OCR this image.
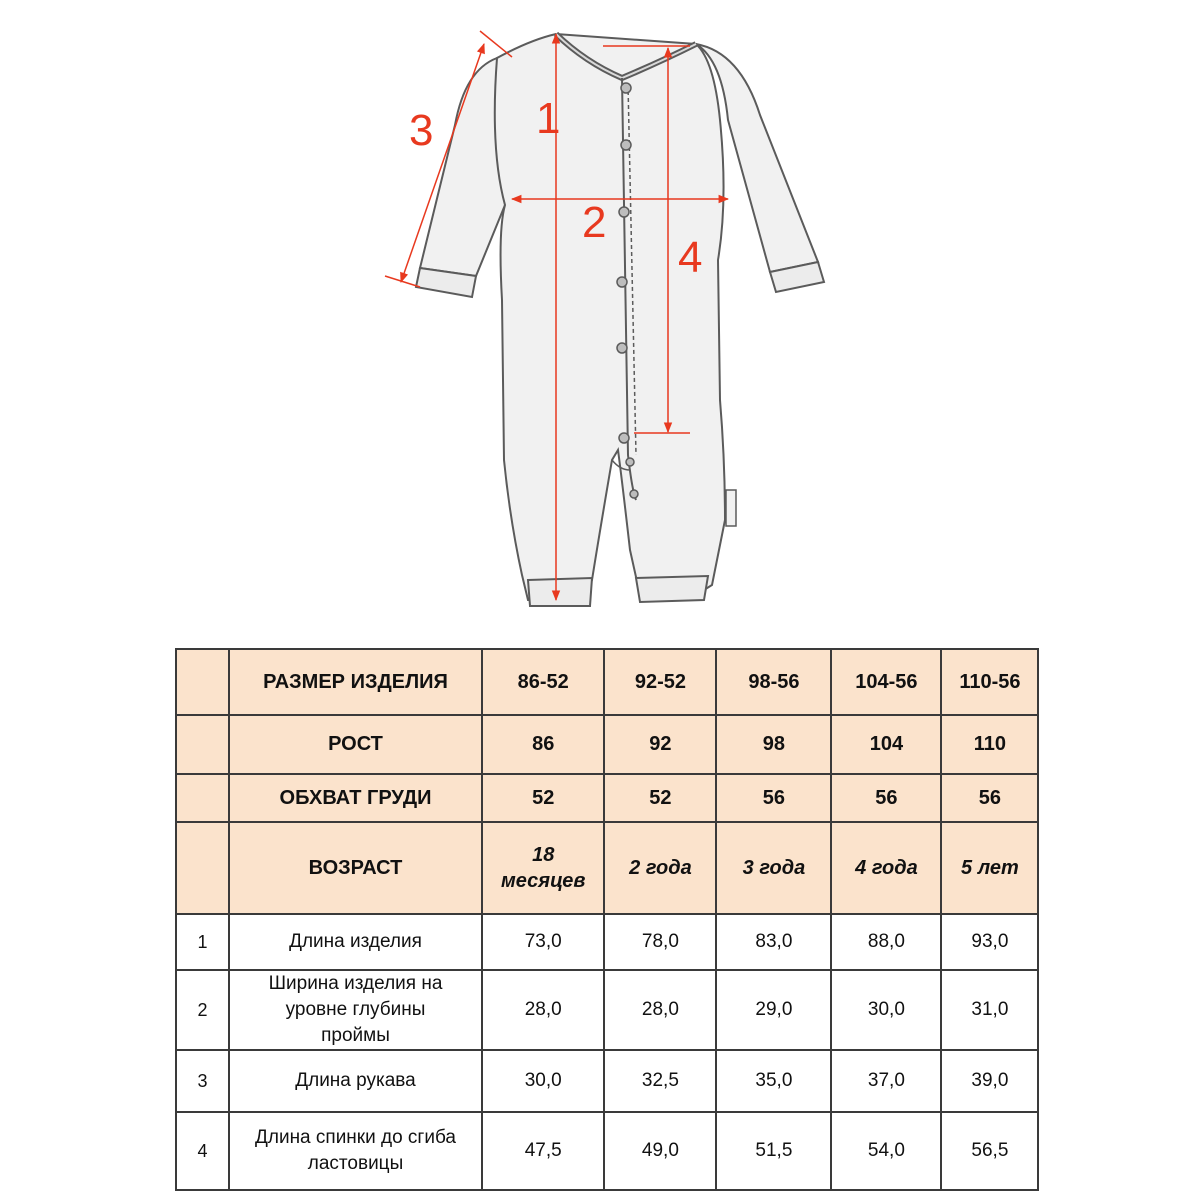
1
2
3
4
	РАЗМЕР ИЗДЕЛИЯ	86-52	92-52	98-56	104-56	110-56
	РОСТ	86	92	98	104	110
	ОБХВАТ ГРУДИ	52	52	56	56	56
	ВОЗРАСТ	18 месяцев	2 года	3 года	4 года	5 лет
1	Длина изделия	73,0	78,0	83,0	88,0	93,0
2	Ширина изделия на уровне глубины проймы	28,0	28,0	29,0	30,0	31,0
3	Длина рукава	30,0	32,5	35,0	37,0	39,0
4	Длина спинки до сгиба ластовицы	47,5	49,0	51,5	54,0	56,5
